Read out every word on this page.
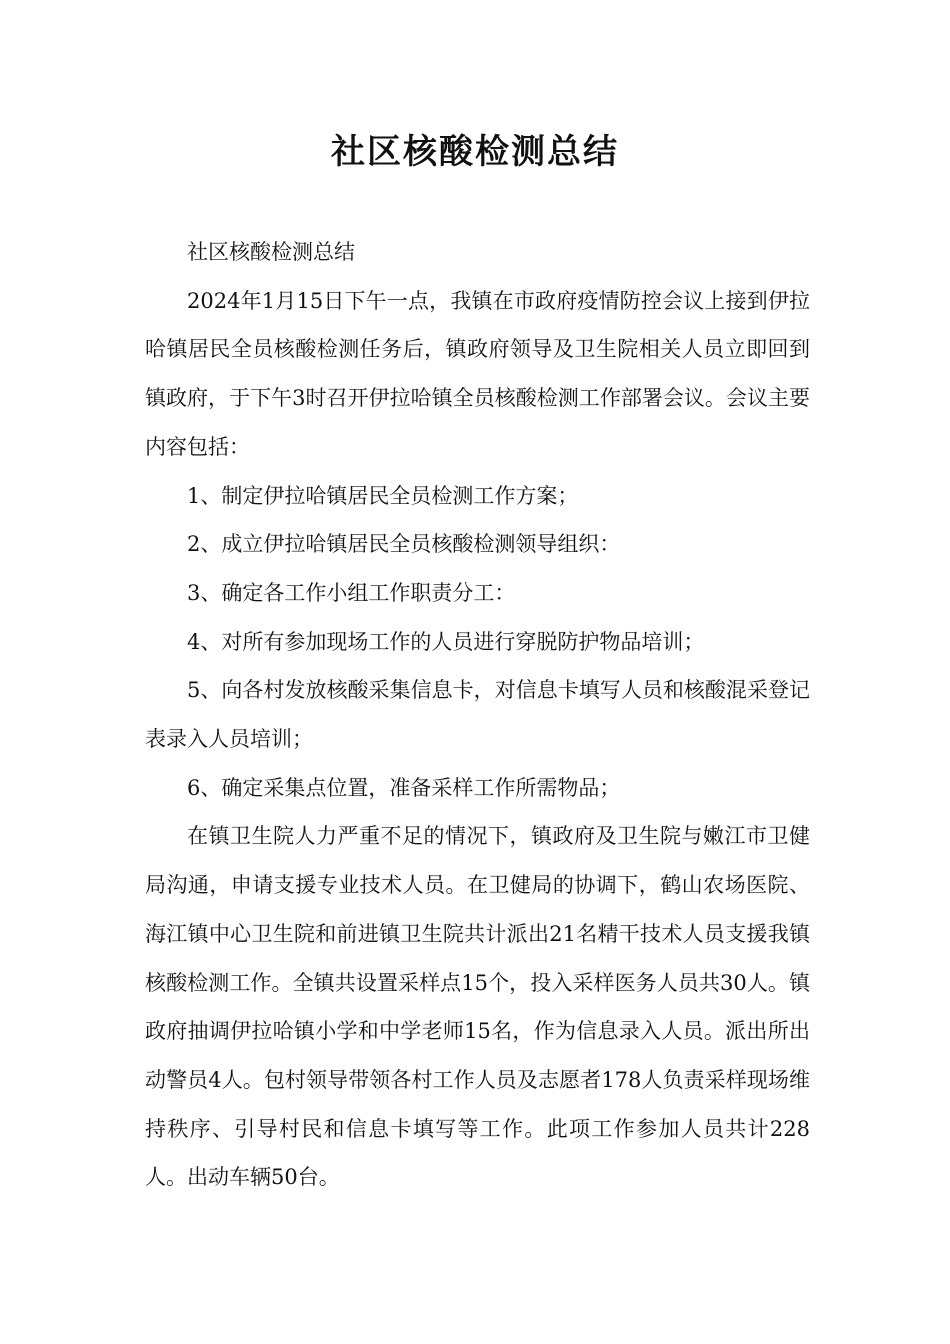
社区核酸检测总结

社区核酸检测总结

2024年1月15日下午一点，我镇在市政府疫情防控会议上接到伊拉哈镇居民全员核酸检测任务后，镇政府领导及卫生院相关人员立即回到镇政府，于下午3时召开伊拉哈镇全员核酸检测工作部署会议。会议主要内容包括：

1、制定伊拉哈镇居民全员检测工作方案；

2、成立伊拉哈镇居民全员核酸检测领导组织：

3、确定各工作小组工作职责分工：

4、对所有参加现场工作的人员进行穿脱防护物品培训；

5、向各村发放核酸采集信息卡，对信息卡填写人员和核酸混采登记表录入人员培训；

6、确定采集点位置，准备采样工作所需物品；

在镇卫生院人力严重不足的情况下，镇政府及卫生院与嫩江市卫健局沟通，申请支援专业技术人员。在卫健局的协调下，鹤山农场医院、海江镇中心卫生院和前进镇卫生院共计派出21名精干技术人员支援我镇核酸检测工作。全镇共设置采样点15个，投入采样医务人员共30人。镇政府抽调伊拉哈镇小学和中学老师15名，作为信息录入人员。派出所出动警员4人。包村领导带领各村工作人员及志愿者178人负责采样现场维持秩序、引导村民和信息卡填写等工作。此项工作参加人员共计228人。出动车辆50台。
